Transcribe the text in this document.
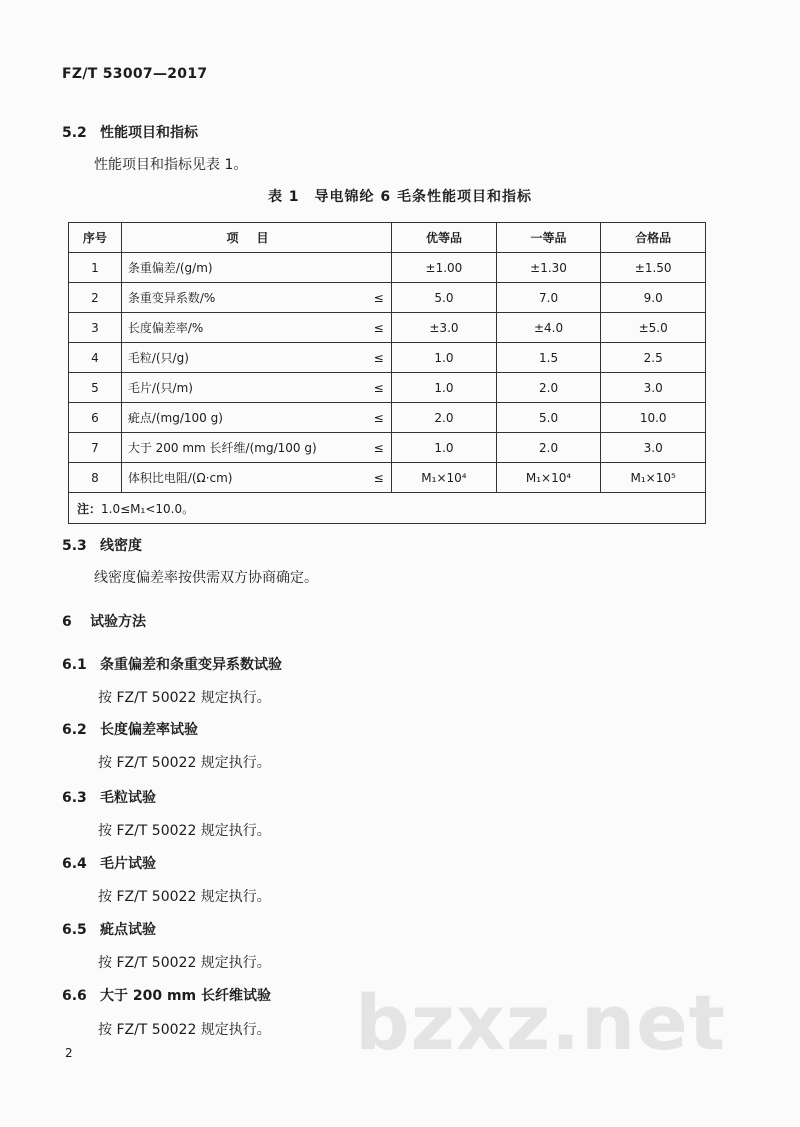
FZ/T 53007—2017
5.2 性能项目和指标
性能项目和指标见表 1。
表 1　导电锦纶 6 毛条性能项目和指标
序号	项目		优等品	一等品	合格品
1	条重偏差/(g/m)		±1.00	±1.30	±1.50
2	条重变异系数/%	≤	5.0	7.0	9.0
3	长度偏差率/%	≤	±3.0	±4.0	±5.0
4	毛粒/(只/g)	≤	1.0	1.5	2.5
5	毛片/(只/m)	≤	1.0	2.0	3.0
6	疵点/(mg/100 g)	≤	2.0	5.0	10.0
7	大于 200 mm 长纤维/(mg/100 g)	≤	1.0	2.0	3.0
8	体积比电阻/(Ω·cm)	≤	M₁×10⁴	M₁×10⁴	M₁×10⁵
注：1.0≤M₁<10.0。					
5.3 线密度
线密度偏差率按供需双方协商确定。
6 试验方法
6.1 条重偏差和条重变异系数试验
按 FZ/T 50022 规定执行。
6.2 长度偏差率试验
按 FZ/T 50022 规定执行。
6.3 毛粒试验
按 FZ/T 50022 规定执行。
6.4 毛片试验
按 FZ/T 50022 规定执行。
6.5 疵点试验
按 FZ/T 50022 规定执行。
6.6 大于 200 mm 长纤维试验
按 FZ/T 50022 规定执行。
2	bzxz.net
